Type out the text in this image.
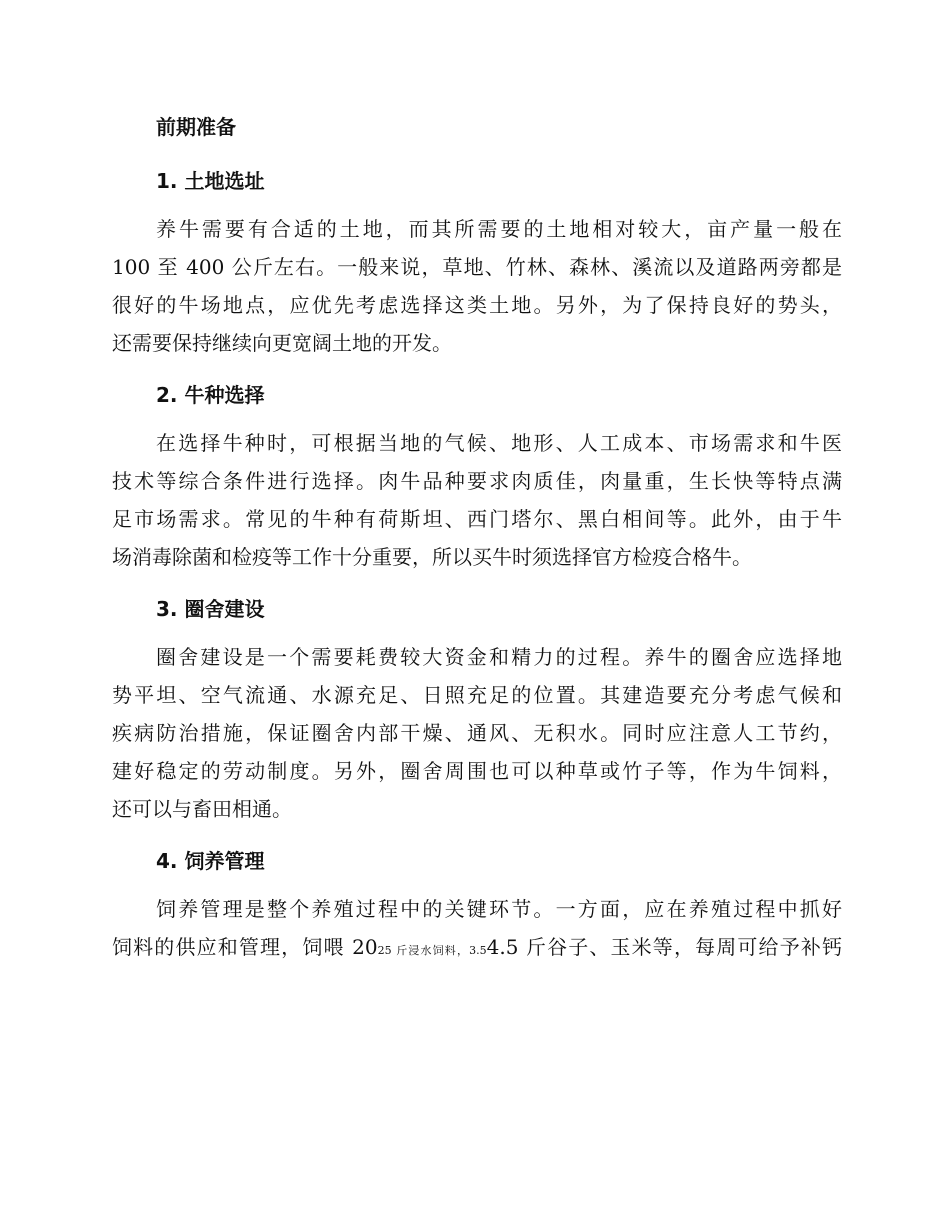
前期准备
1. 土地选址
养牛需要有合适的土地，而其所需要的土地相对较大，亩产量一般在
100 至 400 公斤左右。一般来说，草地、竹林、森林、溪流以及道路两旁都是
很好的牛场地点，应优先考虑选择这类土地。另外，为了保持良好的势头，
还需要保持继续向更宽阔土地的开发。
2. 牛种选择
在选择牛种时，可根据当地的气候、地形、人工成本、市场需求和牛医
技术等综合条件进行选择。肉牛品种要求肉质佳，肉量重，生长快等特点满
足市场需求。常见的牛种有荷斯坦、西门塔尔、黑白相间等。此外，由于牛
场消毒除菌和检疫等工作十分重要，所以买牛时须选择官方检疫合格牛。
3. 圈舍建设
圈舍建设是一个需要耗费较大资金和精力的过程。养牛的圈舍应选择地
势平坦、空气流通、水源充足、日照充足的位置。其建造要充分考虑气候和
疾病防治措施，保证圈舍内部干燥、通风、无积水。同时应注意人工节约，
建好稳定的劳动制度。另外，圈舍周围也可以种草或竹子等，作为牛饲料，
还可以与畜田相通。
4. 饲养管理
饲养管理是整个养殖过程中的关键环节。一方面，应在养殖过程中抓好
饲料的供应和管理，饲喂 2025 斤浸水饲料，3.54.5 斤谷子、玉米等，每周可给予补钙
